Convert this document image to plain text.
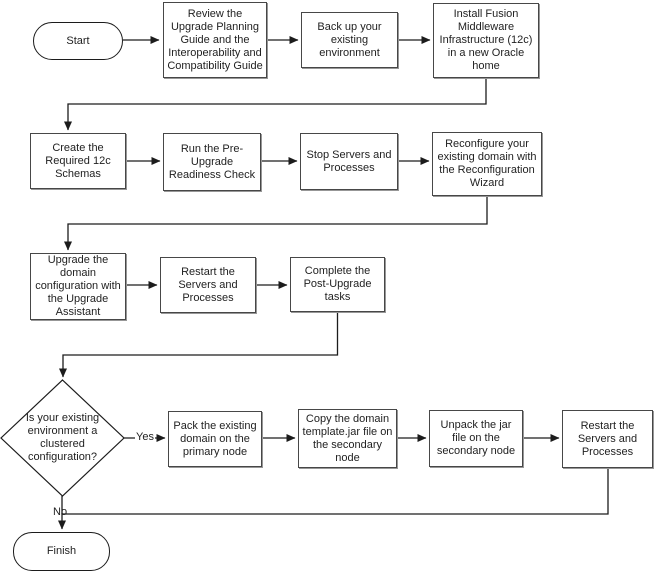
Start
Review the Upgrade Planning Guide and the Interoperability and Compatibility Guide
Back up your existing environment
Install Fusion Middleware Infrastructure (12c) in a new Oracle home
Create the Required 12c Schemas
Run the Pre-Upgrade Readiness Check
Stop Servers and Processes
Reconfigure your existing domain with the Reconfiguration Wizard
Upgrade the domain configuration with the Upgrade Assistant
Restart the Servers and Processes
Complete the Post-Upgrade tasks
Is your existing environment a clustered configuration?
Pack the existing domain on the primary node
Copy the domain template.jar file on the secondary node
Unpack the jar file on the secondary node
Restart the Servers and Processes
Finish
Yes
No
